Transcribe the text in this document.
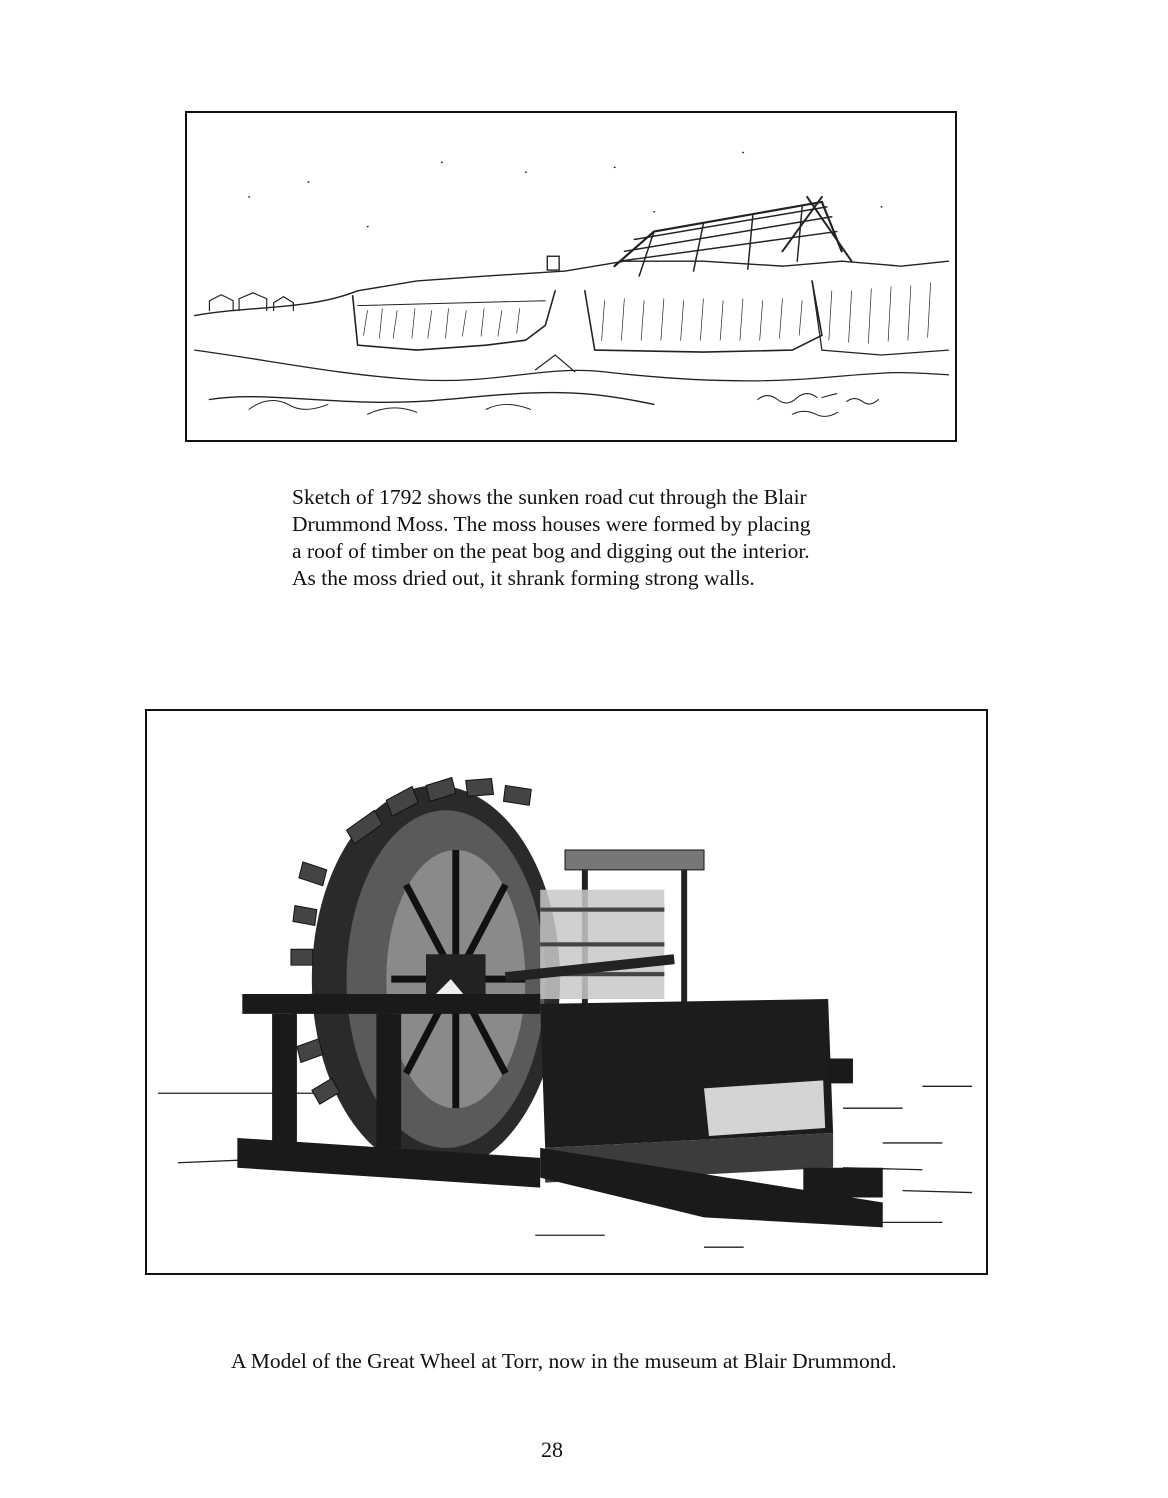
Sketch of 1792 shows the sunken road cut through the Blair
Drummond Moss. The moss houses were formed by placing
a roof of timber on the peat bog and digging out the interior.
As the moss dried out, it shrank forming strong walls.
A Model of the Great Wheel at Torr, now in the museum at Blair Drummond.
28
